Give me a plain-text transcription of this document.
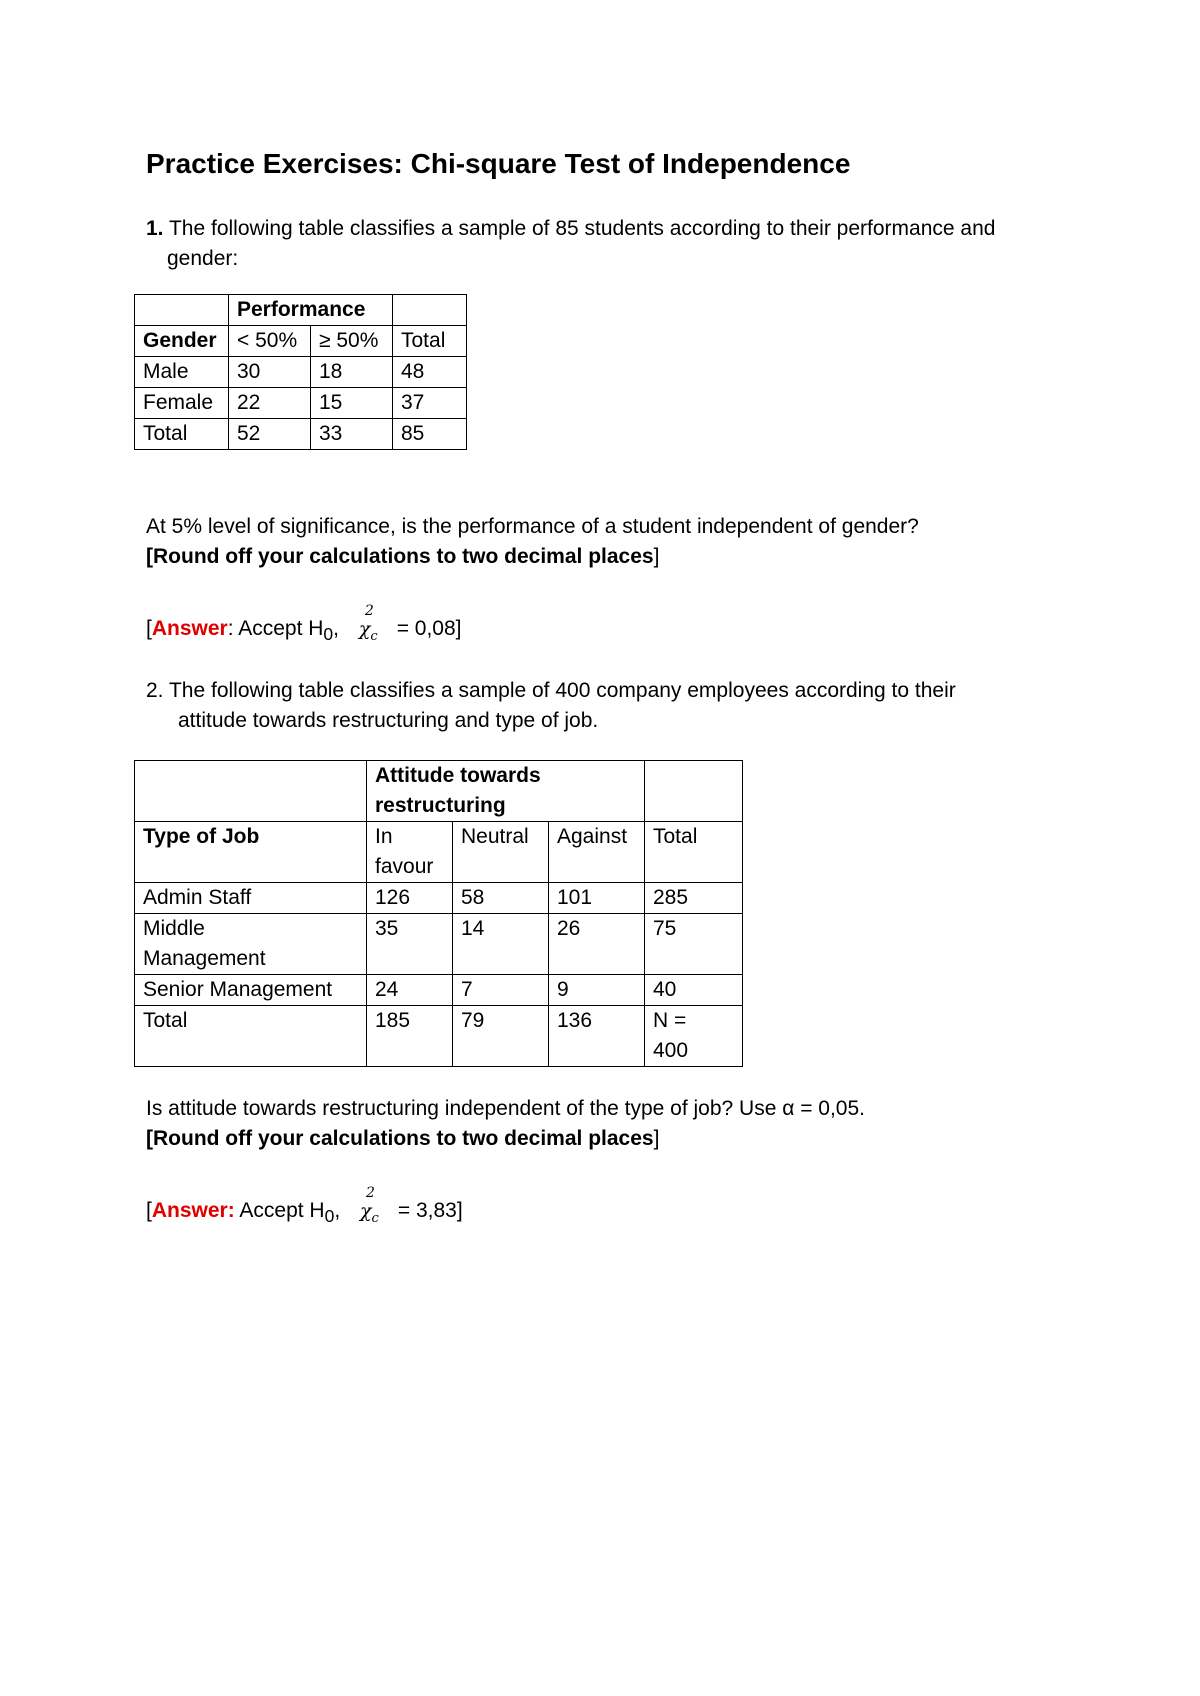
Practice Exercises: Chi-square Test of Independence
1. The following table classifies a sample of 85 students according to their performance and
gender:
	Performance		
Gender	< 50%	≥ 50%	Total
Male	30	18	48
Female	22	15	37
Total	52	33	85
At 5% level of significance, is the performance of a student independent of gender?
[Round off your calculations to two decimal places]
[Answer: Accept $H_0$,
2
$\chi_c = 0,08$]
2. The following table classifies a sample of 400 company employees according to their
attitude towards restructuring and type of job.

	Attitude towards restructuring			

Type of Job	In favour	Neutral	Against	Total
Admin Staff	126	58	101	285

Middle Management	35	14	26	75
Senior Management	24	7	9	40
Total	185	79	136	N = 400
Is attitude towards restructuring independent of the type of job? Use α = 0,05.
[Round off your calculations to two decimal places]
[Answer: Accept $H_0$,
2
$\chi_c = 3,83$]
